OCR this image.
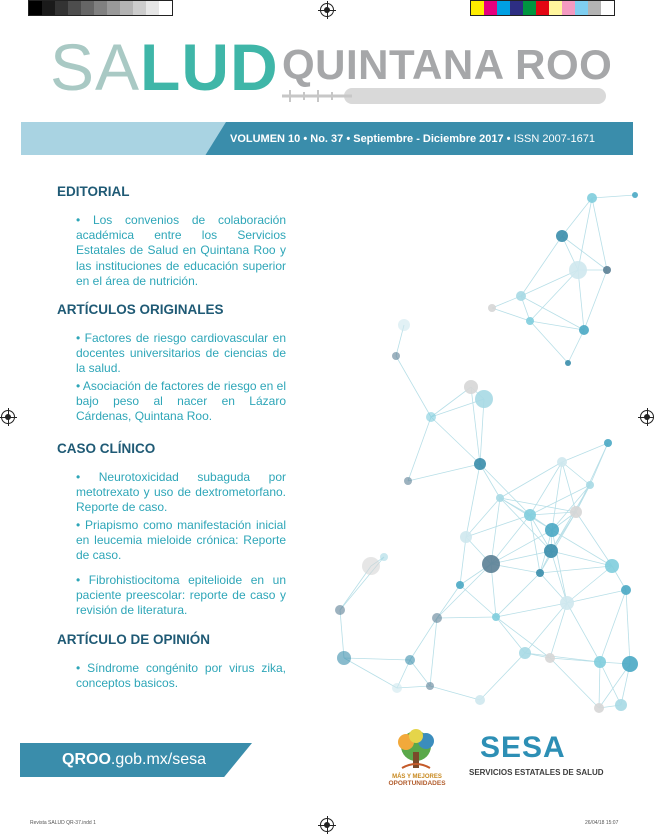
SALUD QUINTANA ROO
VOLUMEN 10 • No. 37 • Septiembre - Diciembre 2017 • ISSN 2007-1671
EDITORIAL
• Los convenios de colaboración académica entre los Servicios Estatales de Salud en Quintana Roo y las instituciones de educación superior en el área de nutrición.
ARTÍCULOS ORIGINALES
• Factores de riesgo cardiovascular en docentes universitarios de ciencias de la salud.
• Asociación de factores de riesgo en el bajo peso al nacer en Lázaro Cárdenas, Quintana Roo.
CASO CLÍNICO
• Neurotoxicidad subaguda por metotrexato y uso de dextrometorfano. Reporte de caso.
• Priapismo como manifestación inicial en leucemia mieloide crónica: Reporte de caso.
• Fibrohistiocitoma epitelioide en un paciente preescolar: reporte de caso y revisión de literatura.
ARTÍCULO DE OPINIÓN
• Síndrome congénito por virus zika, conceptos basicos.
QROO.gob.mx/sesa
MÁS Y MEJORES
OPORTUNIDADES
SESA
SERVICIOS ESTATALES DE SALUD
Revista SALUD QR-37.indd 1	26/04/18 15:07
